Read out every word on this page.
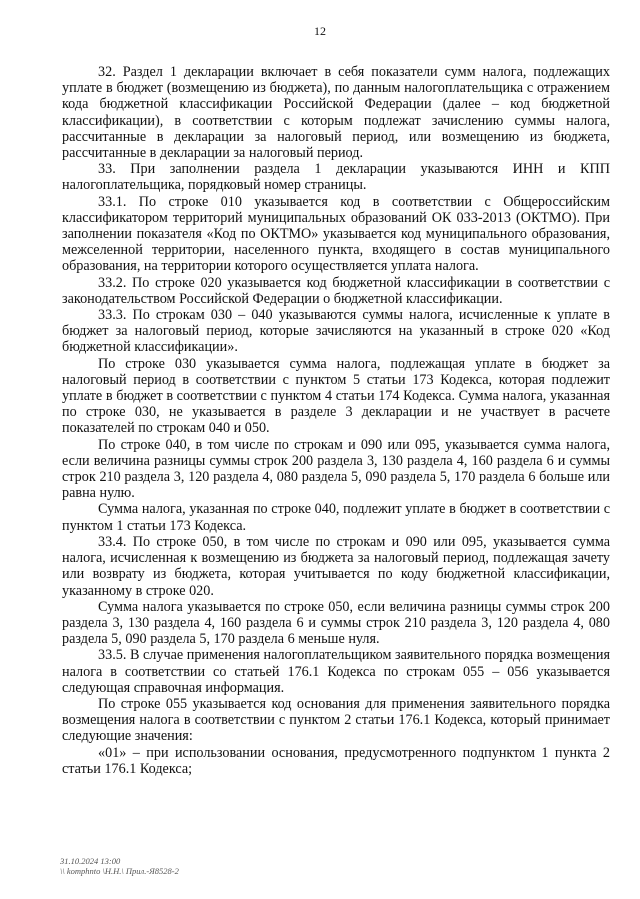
12

32. Раздел 1 декларации включает в себя показатели сумм налога, подлежащих уплате в бюджет (возмещению из бюджета), по данным налогоплательщика с отражением кода бюджетной классификации Российской Федерации (далее – код бюджетной классификации), в соответствии с которым подлежат зачислению суммы налога, рассчитанные в декларации за налоговый период, или возмещению из бюджета, рассчитанные в декларации за налоговый период.

33. При заполнении раздела 1 декларации указываются ИНН и КПП налогоплательщика, порядковый номер страницы.

33.1. По строке 010 указывается код в соответствии с Общероссийским классификатором территорий муниципальных образований ОК 033-2013 (ОКТМО). При заполнении показателя «Код по ОКТМО» указывается код муниципального образования, межселенной территории, населенного пункта, входящего в состав муниципального образования, на территории которого осуществляется уплата налога.

33.2. По строке 020 указывается код бюджетной классификации в соответствии с законодательством Российской Федерации о бюджетной классификации.

33.3. По строкам 030 – 040 указываются суммы налога, исчисленные к уплате в бюджет за налоговый период, которые зачисляются на указанный в строке 020 «Код бюджетной классификации».

По строке 030 указывается сумма налога, подлежащая уплате в бюджет за налоговый период в соответствии с пунктом 5 статьи 173 Кодекса, которая подлежит уплате в бюджет в соответствии с пунктом 4 статьи 174 Кодекса. Сумма налога, указанная по строке 030, не указывается в разделе 3 декларации и не участвует в расчете показателей по строкам 040 и 050.

По строке 040, в том числе по строкам и 090 или 095, указывается сумма налога, если величина разницы суммы строк 200 раздела 3, 130 раздела 4, 160 раздела 6 и суммы строк 210 раздела 3, 120 раздела 4, 080 раздела 5, 090 раздела 5, 170 раздела 6 больше или равна нулю.

Сумма налога, указанная по строке 040, подлежит уплате в бюджет в соответствии с пунктом 1 статьи 173 Кодекса.

33.4. По строке 050, в том числе по строкам и 090 или 095, указывается сумма налога, исчисленная к возмещению из бюджета за налоговый период, подлежащая зачету или возврату из бюджета, которая учитывается по коду бюджетной классификации, указанному в строке 020.

Сумма налога указывается по строке 050, если величина разницы суммы строк 200 раздела 3, 130 раздела 4, 160 раздела 6 и суммы строк 210 раздела 3, 120 раздела 4, 080 раздела 5, 090 раздела 5, 170 раздела 6 меньше нуля.

33.5. В случае применения налогоплательщиком заявительного порядка возмещения налога в соответствии со статьей 176.1 Кодекса по строкам 055 – 056 указывается следующая справочная информация.

По строке 055 указывается код основания для применения заявительного порядка возмещения налога в соответствии с пунктом 2 статьи 176.1 Кодекса, который принимает следующие значения:

«01» – при использовании основания, предусмотренного подпунктом 1 пункта 2 статьи 176.1 Кодекса;

31.10.2024 13:00
\\ komphnto \Н.Н.\ Прил.-Я8528-2
